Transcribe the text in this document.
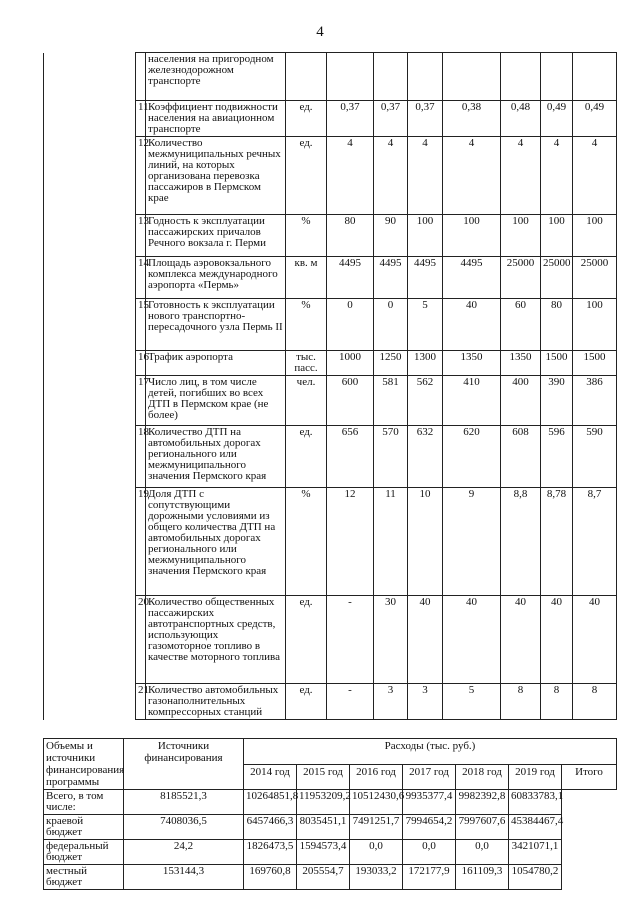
4
		населения на пригородном железнодорожном транспорте								
	11	Коэффициент подвижности населения на авиационном транспорте	ед.	0,37	0,37	0,37	0,38	0,48	0,49	0,49
	12	Количество межмуниципальных речных линий, на которых организована перевозка пассажиров в Пермском крае	ед.	4	4	4	4	4	4	4
	13	Годность к эксплуатации пассажирских причалов Речного вокзала г. Перми	%	80	90	100	100	100	100	100
	14	Площадь аэровокзального комплекса международного аэропорта «Пермь»	кв. м	4495	4495	4495	4495	25000	25000	25000
	15	Готовность к эксплуатации нового транспортно-пересадочного узла Пермь II	%	0	0	5	40	60	80	100
	16	Трафик аэропорта	тыс. пасс.	1000	1250	1300	1350	1350	1500	1500
	17	Число лиц, в том числе детей, погибших во всех ДТП в Пермском крае (не более)	чел.	600	581	562	410	400	390	386
	18	Количество ДТП на автомобильных дорогах регионального или межмуниципального значения Пермского края	ед.	656	570	632	620	608	596	590
	19	Доля ДТП с сопутствующими дорожными условиями из общего количества ДТП на автомобильных дорогах регионального или межмуниципального значения Пермского края	%	12	11	10	9	8,8	8,78	8,7
	20	Количество общественных пассажирских автотранспортных средств, использующих газомоторное топливо в качестве моторного топлива	ед.	-	30	40	40	40	40	40
	21	Количество автомобильных газонаполнительных компрессорных станций	ед.	-	3	3	5	8	8	8
Объемы и источники финансирования программы	Источники финансирования	Расходы (тыс. руб.)						
		2014 год	2015 год	2016 год	2017 год	2018 год	2019 год	Итого
Всего, в том числе:	8185521,3	10264851,8	11953209,2	10512430,6	9935377,4	9982392,8	60833783,1	
краевой бюджет	7408036,5	6457466,3	8035451,1	7491251,7	7994654,2	7997607,6	45384467,4	
федеральный бюджет	24,2	1826473,5	1594573,4	0,0	0,0	0,0	3421071,1	
местный бюджет	153144,3	169760,8	205554,7	193033,2	172177,9	161109,3	1054780,2	
